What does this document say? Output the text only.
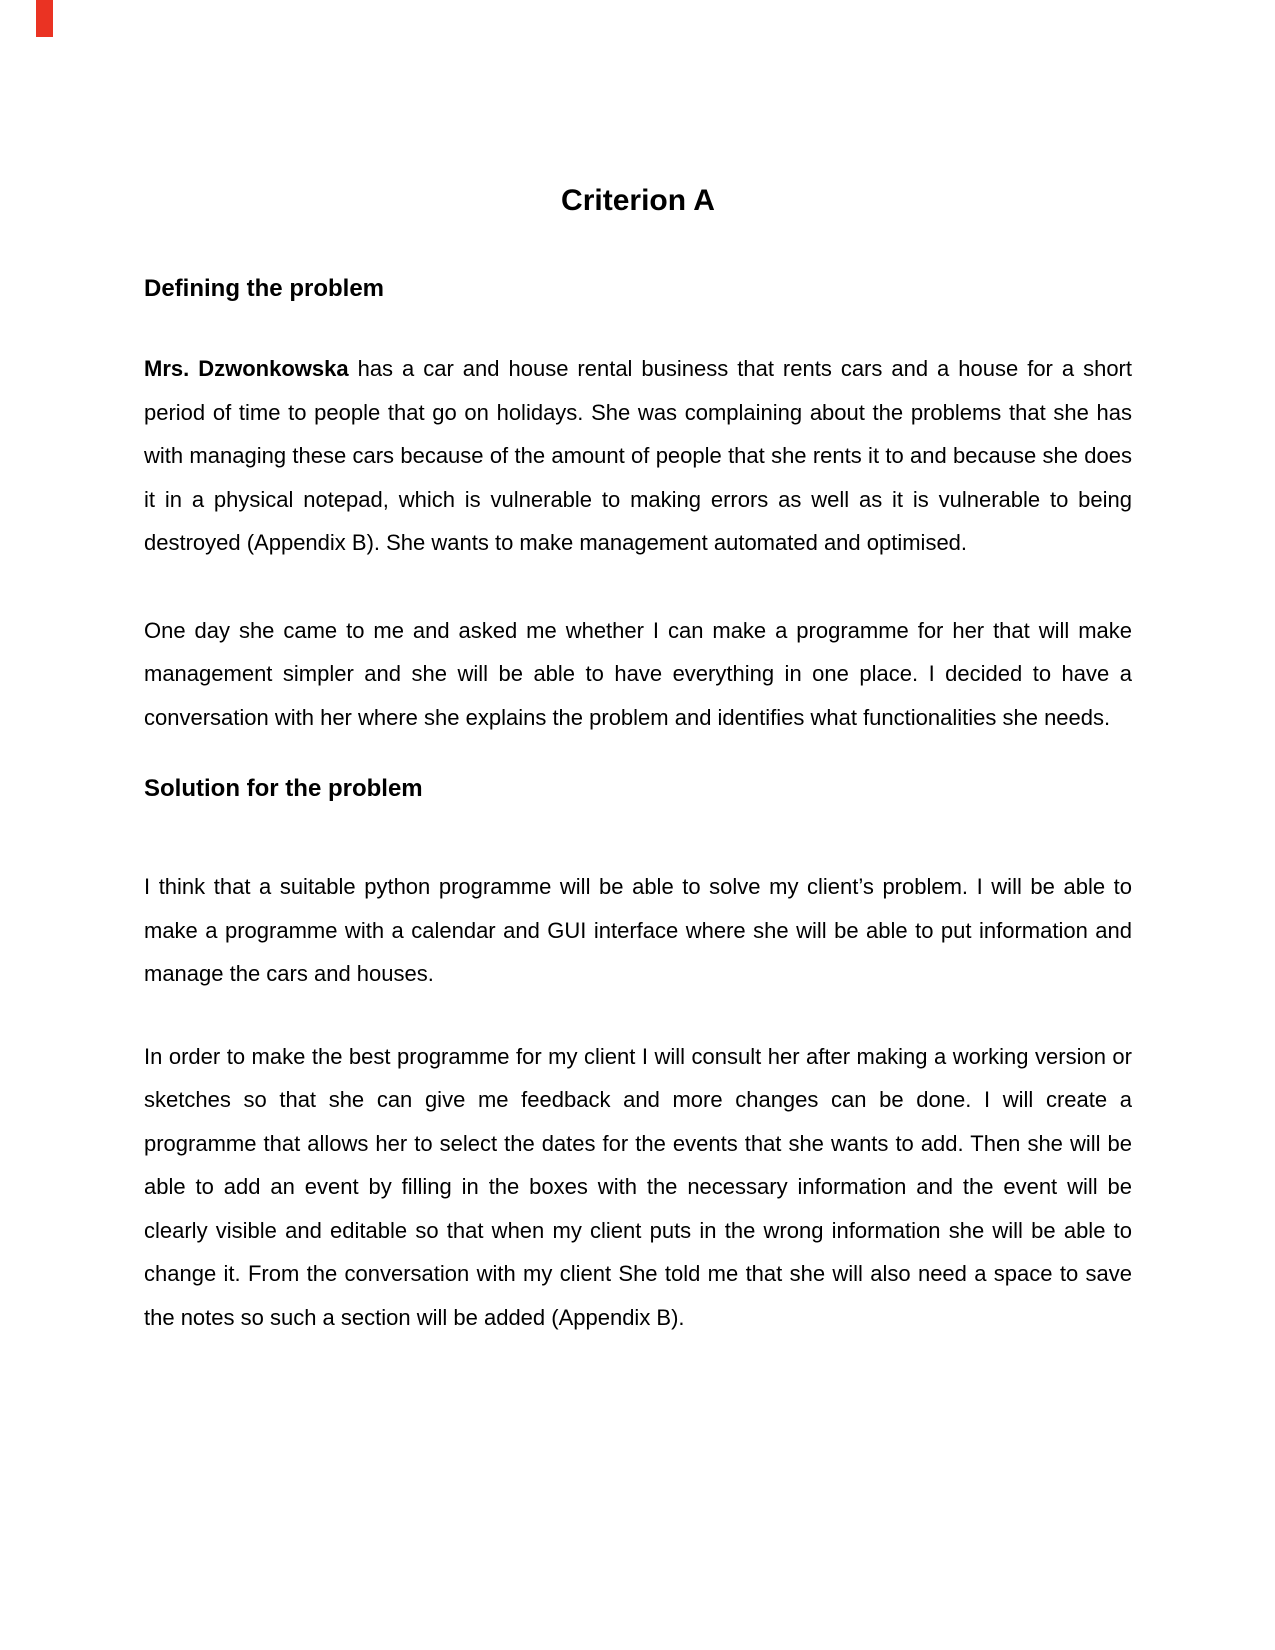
Criterion A
Defining the problem

Mrs. Dzwonkowska has a car and house rental business that rents cars and a house for a short period of time to people that go on holidays. She was complaining about the problems that she has with managing these cars because of the amount of people that she rents it to and because she does it in a physical notepad, which is vulnerable to making errors as well as it is vulnerable to being destroyed (Appendix B). She wants to make management automated and optimised.

One day she came to me and asked me whether I can make a programme for her that will make management simpler and she will be able to have everything in one place. I decided to have a conversation with her where she explains the problem and identifies what functionalities she needs.

Solution for the problem

I think that a suitable python programme will be able to solve my client’s problem. I will be able to make a programme with a calendar and GUI interface where she will be able to put information and manage the cars and houses.

In order to make the best programme for my client I will consult her after making a working version or sketches so that she can give me feedback and more changes can be done. I will create a programme that allows her to select the dates for the events that she wants to add. Then she will be able to add an event by filling in the boxes with the necessary information and the event will be clearly visible and editable so that when my client puts in the wrong information she will be able to change it. From the conversation with my client She told me that she will also need a space to save the notes so such a section will be added (Appendix B).
